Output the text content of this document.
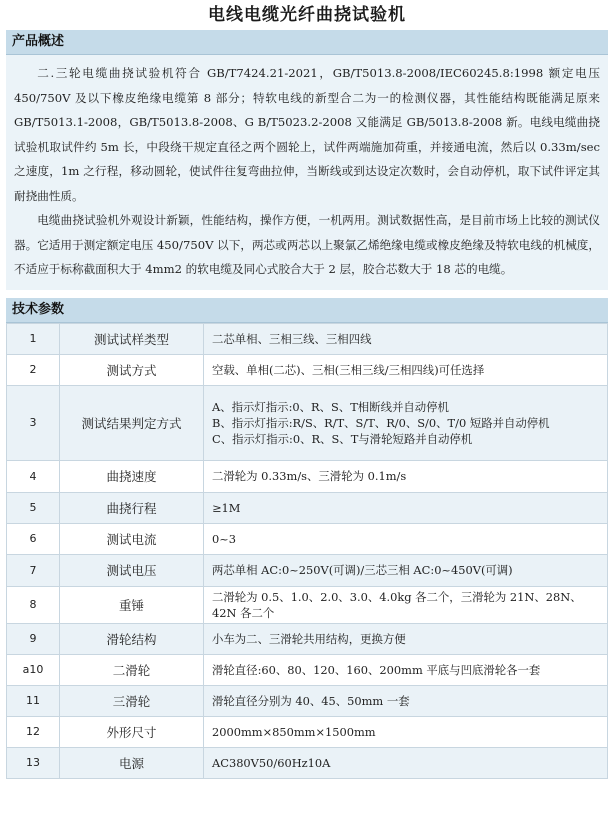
电线电缆光纤曲挠试验机
产品概述

二.三轮电缆曲挠试验机符合 GB/T7424.21-2021，GB/T5013.8-2008/IEC60245.8:1998 额定电压 450/750V 及以下橡皮绝缘电缆第 8 部分；特软电线的新型合二为一的检测仪器，其性能结构既能满足原来 GB/T5013.1-2008，GB/T5013.8-2008、G B/T5023.2-2008 又能满足 GB/5013.8-2008 新。电线电缆曲挠试验机取试件约 5m 长，中段绕干规定直径之两个圆轮上，试件两端施加荷重，并接通电流，然后以 0.33m/sec 之速度，1m 之行程，移动圆轮，使试件往复弯曲拉伸，当断线或到达设定次数时，会自动停机，取下试件评定其耐挠曲性质。

电缆曲挠试验机外观设计新颖，性能结构，操作方便，一机两用。测试数据性高，是目前市场上比较的测试仪器。它适用于测定额定电压 450/750V 以下，两芯或两芯以上聚氯乙烯绝缘电缆或橡皮绝缘及特软电线的机械度，不适应于标称截面积大于 4mm2 的软电缆及同心式胶合大于 2 层，胶合芯数大于 18 芯的电缆。

技术参数
1	测试试样类型	二芯单相、三相三线、三相四线

2	测试方式	空载、单相(二芯)、三相(三相三线/三相四线)可任选择

3	测试结果判定方式	A、指示灯指示:0、R、S、T相断线并自动停机
B、指示灯指示:R/S、R/T、S/T、R/0、S/0、T/0 短路并自动停机
C、指示灯指示:0、R、S、T与滑轮短路并自动停机

4	曲挠速度	二滑轮为 0.33m/s、三滑轮为 0.1m/s

5	曲挠行程	≥1M

6	测试电流	0~3

7	测试电压	两芯单相 AC:0~250V(可调)/三芯三相 AC:0~450V(可调)

8	重锤	二滑轮为 0.5、1.0、2.0、3.0、4.0kg 各二个，三滑轮为 21N、28N、42N 各二个

9	滑轮结构	小车为二、三滑轮共用结构，更换方便

a10	二滑轮	滑轮直径:60、80、120、160、200mm 平底与凹底滑轮各一套

11	三滑轮	滑轮直径分别为 40、45、50mm 一套

12	外形尺寸	2000mm×850mm×1500mm

13	电源	AC380V50/60Hz10A
